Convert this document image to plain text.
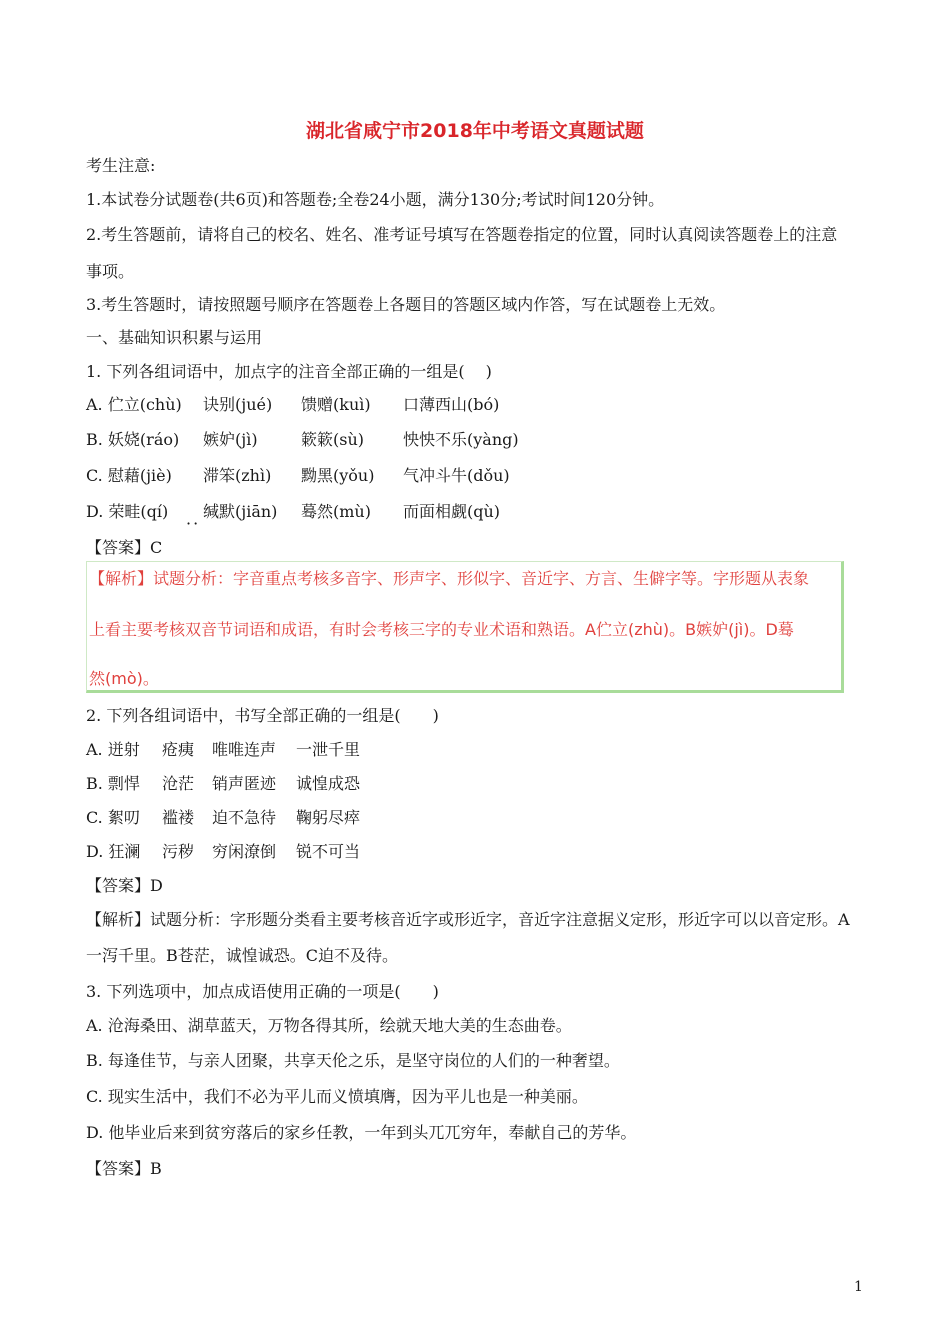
湖北省咸宁市2018年中考语文真题试题
考生注意:
1.本试卷分试题卷(共6页)和答题卷;全卷24小题，满分130分;考试时间120分钟。
2.考生答题前，请将自己的校名、姓名、准考证号填写在答题卷指定的位置，同时认真阅读答题卷上的注意
事项。
3.考生答题时，请按照题号顺序在答题卷上各题目的答题区域内作答，写在试题卷上无效。
一、基础知识积累与运用
1. 下列各组词语中，加点字的注音全部正确的一组是(　 )
A. 伫立(chù) 诀别(jué) 馈赠(kuì) 口薄西山(bó)
B. 妖娆(ráo) 嫉妒(jì)	簌簌(sù) 怏怏不乐(yàng)
C. 慰藉(jiè) 滞笨(zhì) 黝黑(yǒu) 气冲斗牛(dǒu)
D. 荣畦(qí) 缄默(jiān) 蓦然(mù) 而面相觑(qù)
··
【答案】C
【解析】试题分析：字音重点考核多音字、形声字、形似字、音近字、方言、生僻字等。字形题从表象
上看主要考核双音节词语和成语，有时会考核三字的专业术语和熟语。A伫立(zhù)。B嫉妒(jì)。D蓦
然(mò)。
2. 下列各组词语中，书写全部正确的一组是(　　)
A. 迸射 疮痍 唯唯连声 一泄千里
B. 剽悍 沧茫 销声匿迹 诚惶成恐
C. 絮叨 褴褛 迫不急待 鞠躬尽瘁
D. 狂澜 污秽 穷闲潦倒 锐不可当
【答案】D
【解析】试题分析：字形题分类看主要考核音近字或形近字，音近字注意据义定形，形近字可以以音定形。A
一泻千里。B苍茫，诚惶诚恐。C迫不及待。
3. 下列选项中，加点成语使用正确的一项是(　　)
A. 沧海桑田、湖草蓝天，万物各得其所，绘就天地大美的生态曲卷。
B. 每逢佳节，与亲人团聚，共享天伦之乐，是坚守岗位的人们的一种奢望。
C. 现实生活中，我们不必为平儿而义愤填膺，因为平儿也是一种美丽。
D. 他毕业后来到贫穷落后的家乡任教，一年到头兀兀穷年，奉献自己的芳华。
【答案】B
1
